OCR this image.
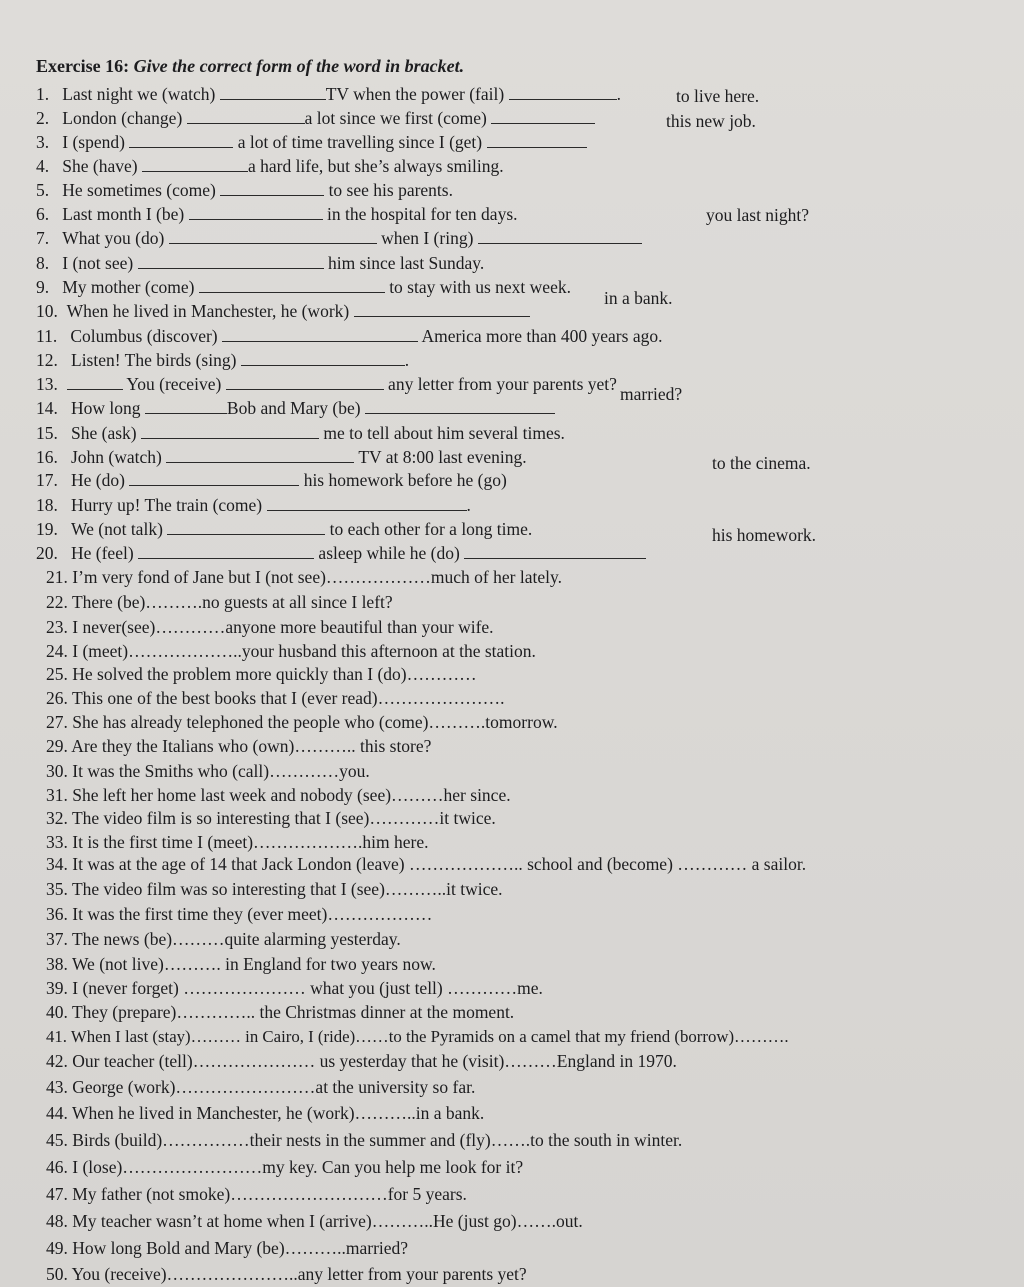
Exercise 16: Give the correct form of the word in bracket.
1. Last night we (watch)	TV when the power (fail)	.
2. London (change)	a lot since we first (come)
to live here.
3. I (spend)	a lot of time travelling since I (get)
this new job.
4. She (have)	a hard life, but she’s always smiling.
5. He sometimes (come)	to see his parents.
6. Last month I (be)	in the hospital for ten days.
7. What you (do)	when I (ring)
you last night?
8. I (not see)	him since last Sunday.
9. My mother (come)	to stay with us next week.
10. When he lived in Manchester, he (work)
in a bank.
11. Columbus (discover)	America more than 400 years ago.
12. Listen! The birds (sing)	.
13.	You (receive)	any letter from your parents yet?
14. How long	Bob and Mary (be)
married?
15. She (ask)	me to tell about him several times.
16. John (watch)	TV at 8:00 last evening.
17. He (do)	his homework before he (go)
to the cinema.
18. Hurry up! The train (come)	.
19. We (not talk)	to each other for a long time.
20. He (feel)	asleep while he (do)
his homework.
21. I’m very fond of Jane but I (not see)………………much of her lately.
22. There (be)……….no guests at all since I left?
23. I never(see)…………anyone more beautiful than your wife.
24. I (meet)………………..your husband this afternoon at the station.
25. He solved the problem more quickly than I (do)…………
26. This one of the best books that I (ever read)………………….
27. She has already telephoned the people who (come)……….tomorrow.
29. Are they the Italians who (own)……….. this store?
30. It was the Smiths who (call)…………you.
31. She left her home last week and nobody (see)………her since.
32. The video film is so interesting that I (see)…………it twice.
33. It is the first time I (meet)……………….him here.
34. It was at the age of 14 that Jack London (leave) ……………….. school and (become) ………… a sailor.
35. The video film was so interesting that I (see)………..it twice.
36. It was the first time they (ever meet)………………
37. The news (be)………quite alarming yesterday.
38. We (not live)………. in England for two years now.
39. I (never forget) ………………… what you (just tell) …………me.
40. They (prepare)………….. the Christmas dinner at the moment.
41. When I last (stay)……… in Cairo, I (ride)……to the Pyramids on a camel that my friend (borrow)……….
42. Our teacher (tell)………………… us yesterday that he (visit)………England in 1970.
43. George (work)……………………at the university so far.
44. When he lived in Manchester, he (work)………..in a bank.
45. Birds (build)……………their nests in the summer and (fly)…….to the south in winter.
46. I (lose)……………………my key. Can you help me look for it?
47. My father (not smoke)………………………for 5 years.
48. My teacher wasn’t at home when I (arrive)………..He (just go)…….out.
49. How long Bold and Mary (be)………..married?
50. You (receive)…………………..any letter from your parents yet?
